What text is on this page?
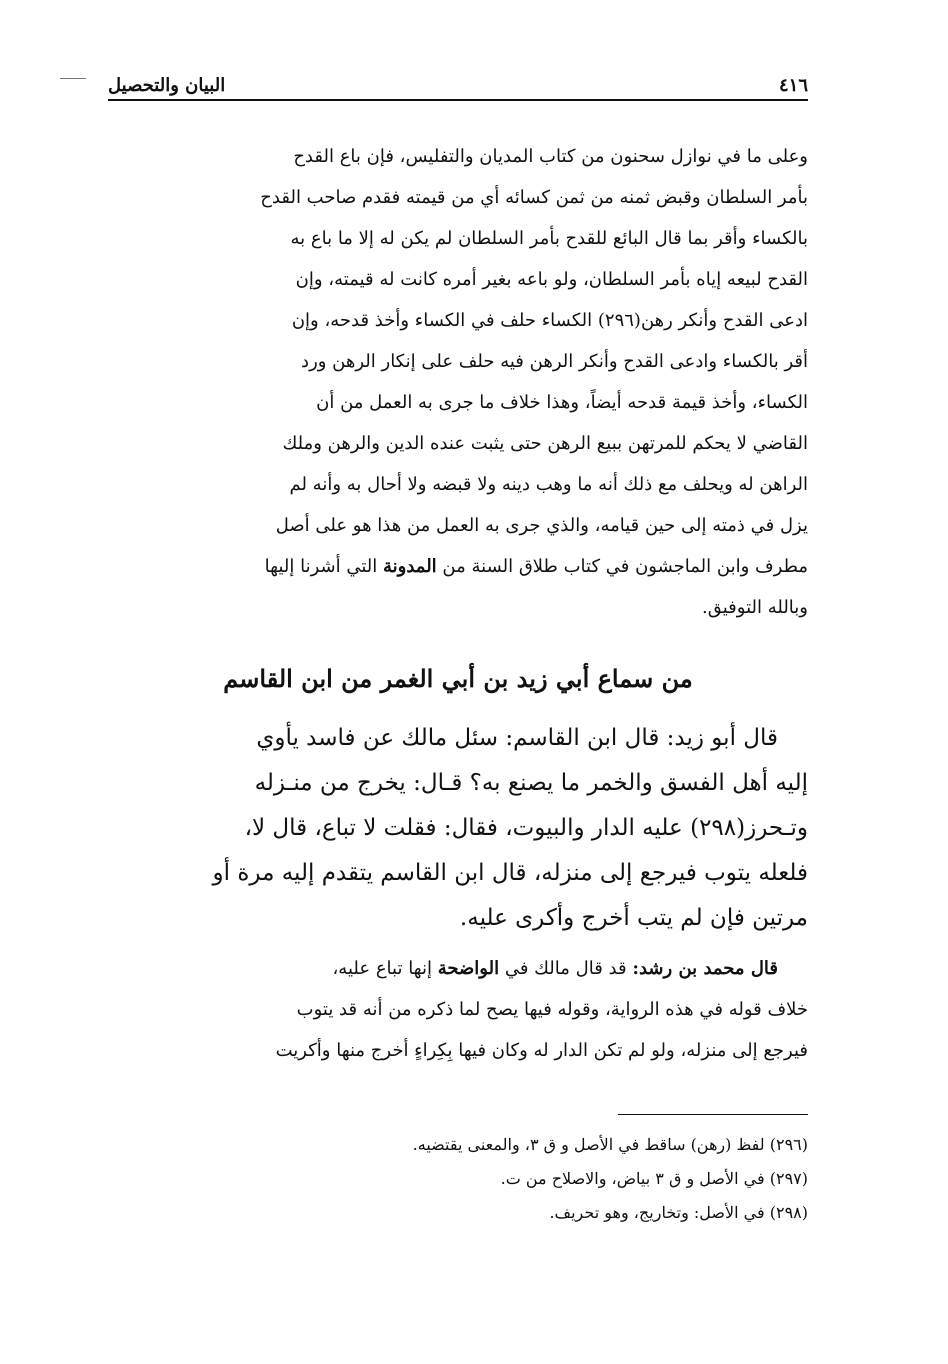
٤١٦
البيان والتحصيل
وعلى ما في نوازل سحنون من كتاب المديان والتفليس، فإن باع القدح
بأمر السلطان وقبض ثمنه من ثمن كسائه أي من قيمته فقدم صاحب القدح
بالكساء وأقر بما قال البائع للقدح بأمر السلطان لم يكن له إلا ما باع به
القدح لبيعه إياه بأمر السلطان، ولو باعه بغير أمره كانت له قيمته، وإن
ادعى القدح وأنكر رهن(٢٩٦) الكساء حلف في الكساء وأخذ قدحه، وإن
أقر بالكساء وادعى القدح وأنكر الرهن فيه حلف على إنكار الرهن ورد
الكساء، وأخذ قيمة قدحه أيضاً، وهذا خلاف ما جرى به العمل من أن
القاضي لا يحكم للمرتهن ببيع الرهن حتى يثبت عنده الدين والرهن وملك
الراهن له ويحلف مع ذلك أنه ما وهب دينه ولا قبضه ولا أحال به وأنه لم
يزل في ذمته إلى حين قيامه، والذي جرى به العمل من هذا هو على أصل
مطرف وابن الماجشون في كتاب طلاق السنة من المدونة التي أشرنا إليها
وبالله التوفيق.
من سماع أبي زيد بن أبي الغمر من ابن القاسم
قال أبو زيد: قال ابن القاسم: سئل مالك عن فاسد يأوي
إليه أهل الفسق والخمر ما يصنع به؟ قـال: يخرج من منـزله
وتـحرز(٢٩٨) عليه الدار والبيوت، فقال: فقلت لا تباع، قال لا،
فلعله يتوب فيرجع إلى منزله، قال ابن القاسم يتقدم إليه مرة أو
مرتين فإن لم يتب أخرج وأكرى عليه.
قال محمد بن رشد: قد قال مالك في الواضحة إنها تباع عليه،
خلاف قوله في هذه الرواية، وقوله فيها يصح لما ذكره من أنه قد يتوب
فيرجع إلى منزله، ولو لم تكن الدار له وكان فيها بِكِراءٍ أخرج منها وأكريت
(٢٩٦) لفظ (رهن) ساقط في الأصل و ق ٣، والمعنى يقتضيه.
(٢٩٧) في الأصل و ق ٣ بياض، والاصلاح من ت.
(٢٩٨) في الأصل: وتخاريج، وهو تحريف.
